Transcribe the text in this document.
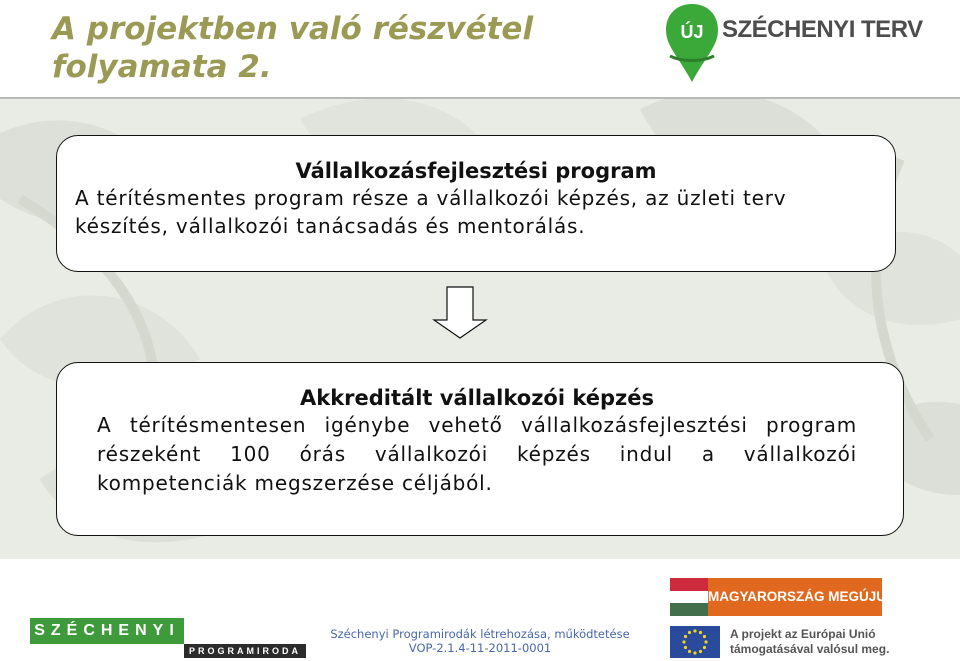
A projektben való részvétel
folyamata 2.
ÚJ SZÉCHENYI TERV
Vállalkozásfejlesztési program
A térítésmentes program része a vállalkozói képzés, az üzleti terv készítés, vállalkozói tanácsadás és mentorálás.
Akkreditált vállalkozói képzés
A térítésmentesen igénybe vehető vállalkozásfejlesztési program részeként 100 órás vállalkozói képzés indul a vállalkozói kompetenciák megszerzése céljából.
SZÉCHENYI
PROGRAMIRODA
Széchenyi Programirodák létrehozása, működtetése
VOP-2.1.4-11-2011-0001
MAGYARORSZÁG MEGÚJUL
A projekt az Európai Unió
támogatásával valósul meg.
